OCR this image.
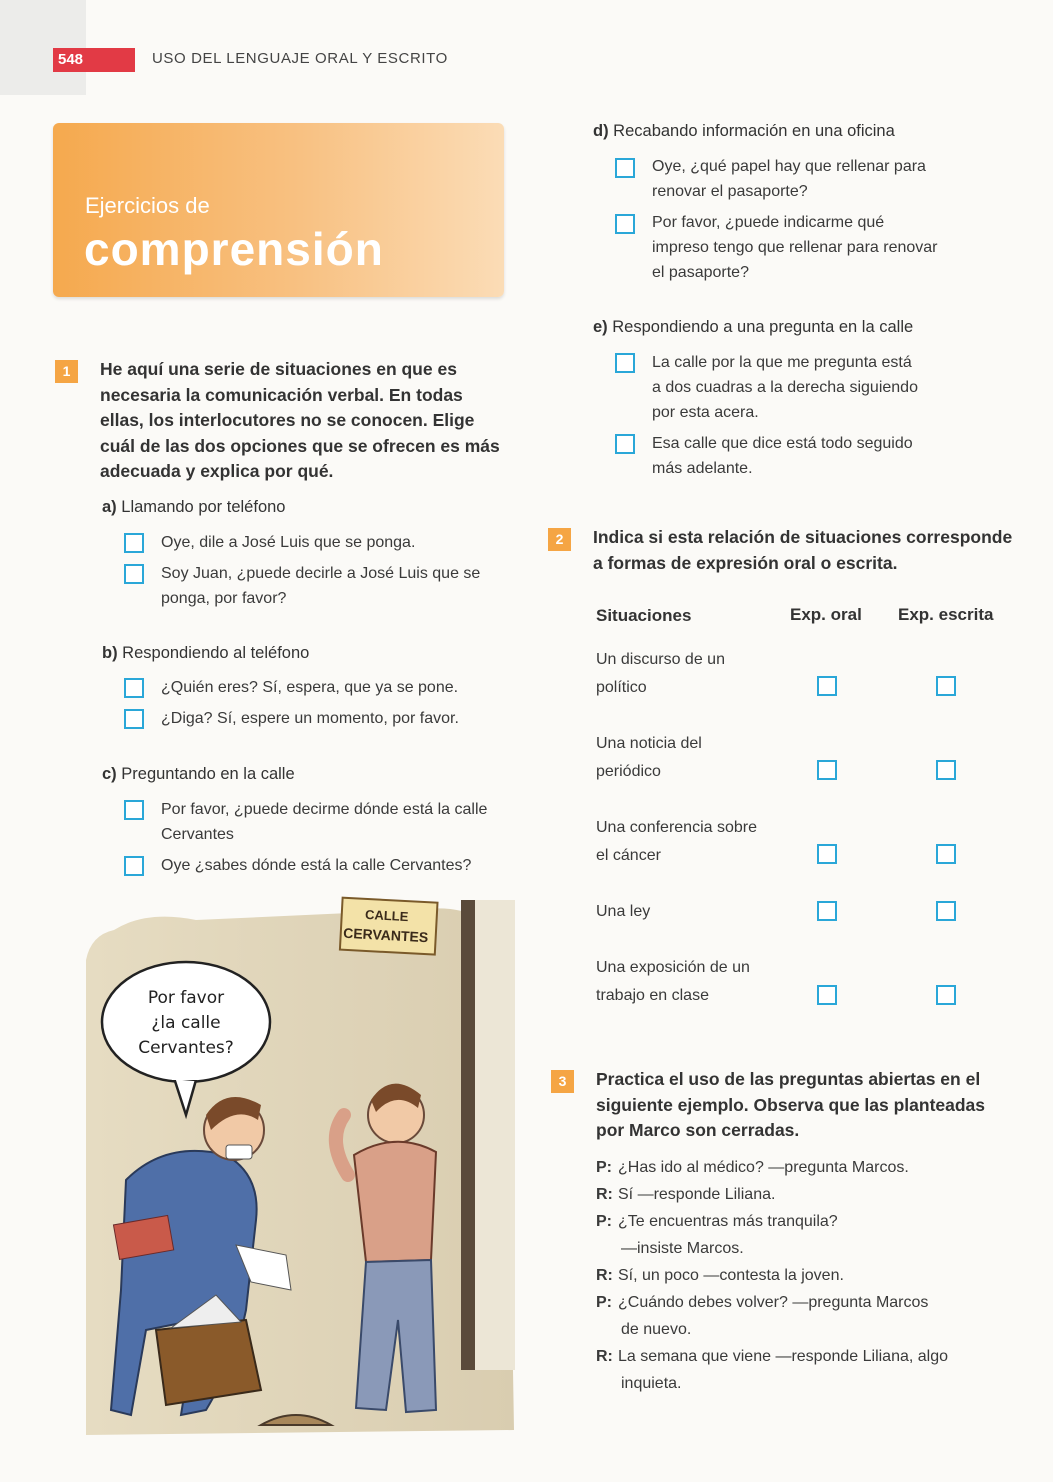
548	USO DEL LENGUAJE ORAL Y ESCRITO
Ejercicios de
comprensión
1	He aquí una serie de situaciones en que es
necesaria la comunicación verbal. En todas
ellas, los interlocutores no se conocen. Elige
cuál de las dos opciones que se ofrecen es más
adecuada y explica por qué.
a) Llamando por teléfono
Oye, dile a José Luis que se ponga.
Soy Juan, ¿puede decirle a José Luis que se
ponga, por favor?
b) Respondiendo al teléfono
¿Quién eres? Sí, espera, que ya se pone.
¿Diga? Sí, espere un momento, por favor.
c) Preguntando en la calle
Por favor, ¿puede decirme dónde está la calle
Cervantes
Oye ¿sabes dónde está la calle Cervantes?
CALLE
CERVANTES
Por favor
¿la calle
Cervantes?
d) Recabando información en una oficina
Oye, ¿qué papel hay que rellenar para
renovar el pasaporte?
Por favor, ¿puede indicarme qué
impreso tengo que rellenar para renovar
el pasaporte?
e) Respondiendo a una pregunta en la calle
La calle por la que me pregunta está
a dos cuadras a la derecha siguiendo
por esta acera.
Esa calle que dice está todo seguido
más adelante.
2	Indica si esta relación de situaciones corresponde
a formas de expresión oral o escrita.
Situaciones	Exp. oral Exp. escrita
Un discurso de un
político
Una noticia del
periódico
Una conferencia sobre
el cáncer
Una ley
Una exposición de un
trabajo en clase
3	Practica el uso de las preguntas abiertas en el
siguiente ejemplo. Observa que las planteadas
por Marco son cerradas.
P: ¿Has ido al médico? —pregunta Marcos.
R: Sí —responde Liliana.
P: ¿Te encuentras más tranquila?
—insiste Marcos.
R: Sí, un poco —contesta la joven.
P: ¿Cuándo debes volver? —pregunta Marcos
de nuevo.
R: La semana que viene —responde Liliana, algo
inquieta.
